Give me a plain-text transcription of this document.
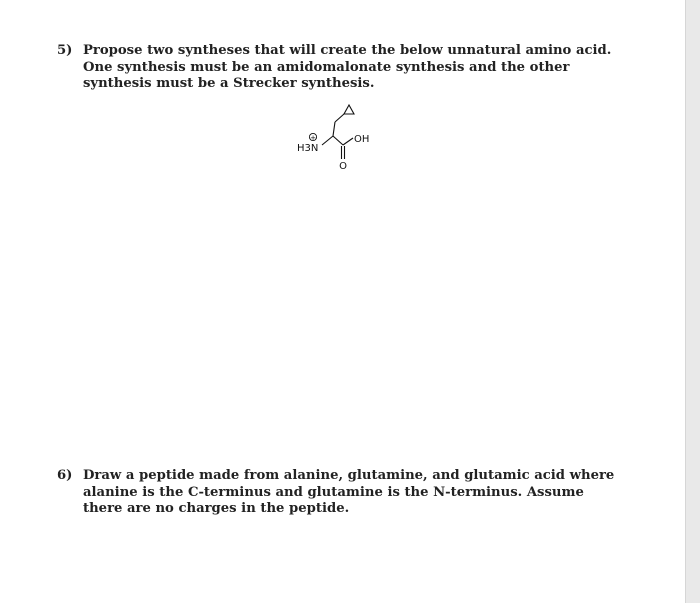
5) Propose two syntheses that will create the below unnatural amino acid. One synthesis must be an amidomalonate synthesis and the other synthesis must be a Strecker synthesis.
+
H3N
OH
O
6) Draw a peptide made from alanine, glutamine, and glutamic acid where alanine is the C-terminus and glutamine is the N-terminus. Assume there are no charges in the peptide.
